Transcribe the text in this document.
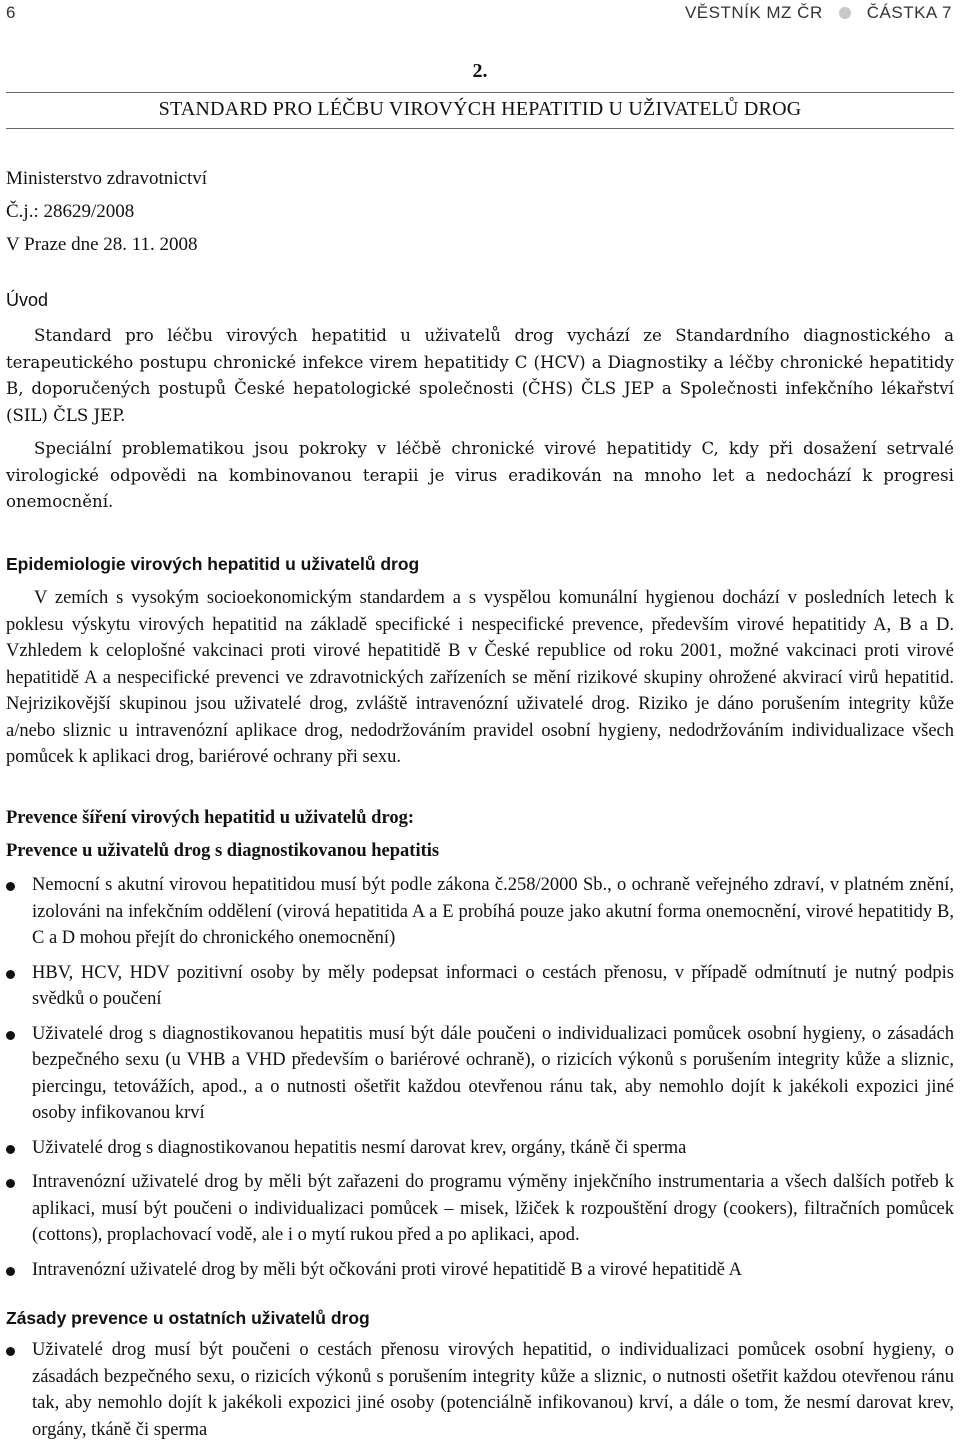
6	VĚSTNÍK MZ ČR	ČÁSTKA 7
2.
STANDARD PRO LÉČBU VIROVÝCH HEPATITID U UŽIVATELŮ DROG
Ministerstvo zdravotnictví
Č.j.: 28629/2008
V Praze dne 28. 11. 2008
Úvod

Standard pro léčbu virových hepatitid u uživatelů drog vychází ze Standardního diagnostického a terapeutického postupu chronické infekce virem hepatitidy C (HCV) a Diagnostiky a léčby chronické hepatitidy B, doporučených postupů České hepatologické společnosti (ČHS) ČLS JEP a Společnosti infekčního lékařství (SIL) ČLS JEP.

Speciální problematikou jsou pokroky v léčbě chronické virové hepatitidy C, kdy při dosažení setrvalé virologické odpovědi na kombinovanou terapii je virus eradikován na mnoho let a nedochází k progresi onemocnění.

Epidemiologie virových hepatitid u uživatelů drog

V zemích s vysokým socioekonomickým standardem a s vyspělou komunální hygienou dochází v posledních letech k poklesu výskytu virových hepatitid na základě specifické i nespecifické prevence, především virové hepatitidy A, B a D. Vzhledem k celoplošné vakcinaci proti virové hepatitidě B v České republice od roku 2001, možné vakcinaci proti virové hepatitidě A a nespecifické prevenci ve zdravotnických zařízeních se mění rizikové skupiny ohrožené akvirací virů hepatitid. Nejrizikovější skupinou jsou uživatelé drog, zvláště intravenózní uživatelé drog. Riziko je dáno porušením integrity kůže a/nebo sliznic u intravenózní aplikace drog, nedodržováním pravidel osobní hygieny, nedodržováním individualizace všech pomůcek k aplikaci drog, bariérové ochrany při sexu.

Prevence šíření virových hepatitid u uživatelů drog:
Prevence u uživatelů drog s diagnostikovanou hepatitis
Nemocní s akutní virovou hepatitidou musí být podle zákona č.258/2000 Sb., o ochraně veřejného zdraví, v platném znění, izolováni na infekčním oddělení (virová hepatitida A a E probíhá pouze jako akutní forma onemocnění, virové hepatitidy B, C a D mohou přejít do chronického onemocnění)
HBV, HCV, HDV pozitivní osoby by měly podepsat informaci o cestách přenosu, v případě odmítnutí je nutný podpis svědků o poučení
Uživatelé drog s diagnostikovanou hepatitis musí být dále poučeni o individualizaci pomůcek osobní hygieny, o zásadách bezpečného sexu (u VHB a VHD především o bariérové ochraně), o rizicích výkonů s porušením integrity kůže a sliznic, piercingu, tetovážích, apod., a o nutnosti ošetřit každou otevřenou ránu tak, aby nemohlo dojít k jakékoli expozici jiné osoby infikovanou krví
Uživatelé drog s diagnostikovanou hepatitis nesmí darovat krev, orgány, tkáně či sperma
Intravenózní uživatelé drog by měli být zařazeni do programu výměny injekčního instrumentaria a všech dalších potřeb k aplikaci, musí být poučeni o individualizaci pomůcek – misek, lžiček k rozpouštění drogy (cookers), filtračních pomůcek (cottons), proplachovací vodě, ale i o mytí rukou před a po aplikaci, apod.
Intravenózní uživatelé drog by měli být očkováni proti virové hepatitidě B a virové hepatitidě A
Zásady prevence u ostatních uživatelů drog
Uživatelé drog musí být poučeni o cestách přenosu virových hepatitid, o individualizaci pomůcek osobní hygieny, o zásadách bezpečného sexu, o rizicích výkonů s porušením integrity kůže a sliznic, o nutnosti ošetřit každou otevřenou ránu tak, aby nemohlo dojít k jakékoli expozici jiné osoby (potenciálně infikovanou) krví, a dále o tom, že nesmí darovat krev, orgány, tkáně či sperma
